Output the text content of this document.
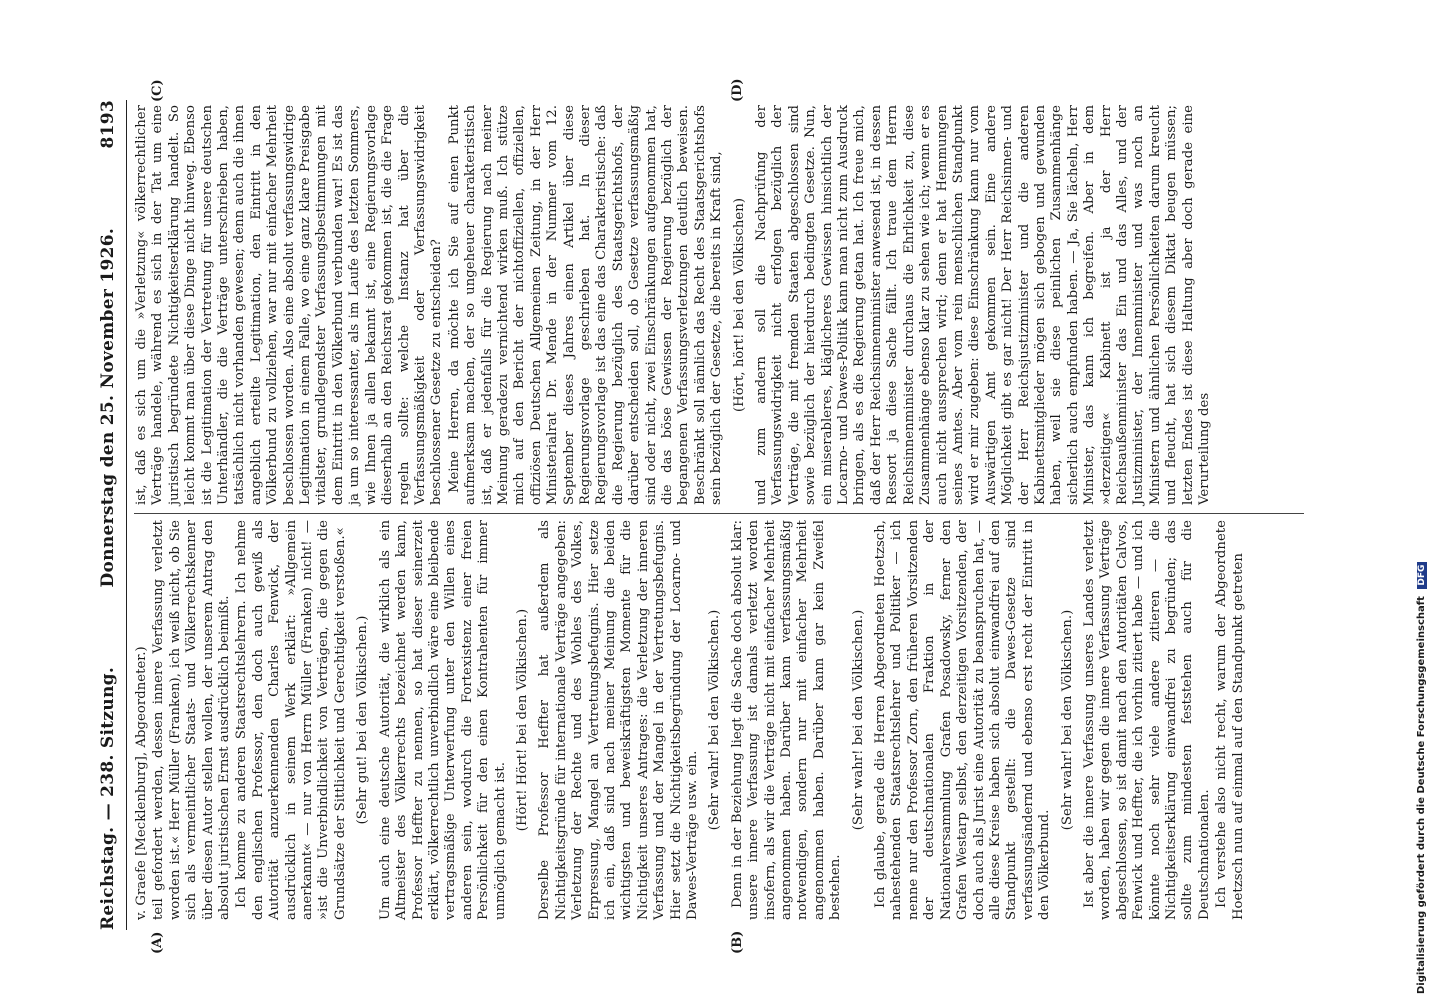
Reichstag. — 238. Sitzung.
Donnerstag den 25. November 1926.
8193
(A)	(B)
(C)	(D)

v. Graefe [Mecklenburg], Abgeordneter.) teil gefordert werden, dessen innere Verfassung verletzt worden ist.« Herr Müller (Franken), ich weiß nicht, ob Sie sich als vermeintlicher Staats- und Völkerrechtskenner über diesen Autor stellen wollen, der unserem Antrag den absolut juristischen Ernst ausdrücklich beimißt. Ich komme zu anderen Staatsrechtslehrern. Ich nehme den englischen Professor, den doch auch gewiß als Autorität anzuerkennenden Charles Fenwick, der ausdrücklich in seinem Werk erklärt: »Allgemein anerkannt« — nur von Herrn Müller (Franken) nicht! — »ist die Unverbindlichkeit von Verträgen, die gegen die Grundsätze der Sittlichkeit und Gerechtigkeit verstoßen.« (Sehr gut! bei den Völkischen.) Um auch eine deutsche Autorität, die wirklich als ein Altmeister des Völkerrechts bezeichnet werden kann, Professor Heffter zu nennen, so hat dieser seinerzeit erklärt, völkerrechtlich unverbindlich wäre eine bleibende vertragsmäßige Unterwerfung unter den Willen eines anderen sein, wodurch die Fortexistenz einer freien Persönlichkeit für den einen Kontrahenten für immer unmöglich gemacht ist.

(Hört! Hört! bei den Völkischen.) Derselbe Professor Heffter hat außerdem als Nichtigkeitsgründe für internationale Verträge angegeben: Verletzung der Rechte und des Wohles des Volkes, Erpressung, Mangel an Vertretungsbefugnis. Hier setze ich ein, daß sind nach meiner Meinung die beiden wichtigsten und beweiskräftigsten Momente für die Nichtigkeit unseres Antrages: die Verletzung der inneren Verfassung und der Mangel in der Vertretungsbefugnis. Hier setzt die Nichtigkeitsbegründung der Locarno- und Dawes-Verträge usw. ein.

(Sehr wahr! bei den Völkischen.) Denn in der Beziehung liegt die Sache doch absolut klar: unsere innere Verfassung ist damals verletzt worden insofern, als wir die Verträge nicht mit einfacher Mehrheit angenommen haben. Darüber kann verfassungsmäßig notwendigen, sondern nur mit einfacher Mehrheit angenommen haben. Darüber kann gar kein Zweifel bestehen.

(Sehr wahr! bei den Völkischen.) Ich glaube, gerade die Herren Abgeordneten Hoetzsch, nahestehenden Staatsrechtslehrer und Politiker — ich nenne nur den Professor Zorn, den früheren Vorsitzenden der deutschnationalen Fraktion in der Nationalversammlung Grafen Posadowsky, ferner den Grafen Westarp selbst, den derzeitigen Vorsitzenden, der doch auch als Jurist eine Autorität zu beanspruchen hat, — alle diese Kreise haben sich absolut einwandfrei auf den Standpunkt gestellt: die Dawes-Gesetze sind verfassungsändernd und ebenso erst recht der Eintritt in den Völkerbund.

(Sehr wahr! bei den Völkischen.) Ist aber die innere Verfassung unseres Landes verletzt worden, haben wir gegen die innere Verfassung Verträge abgeschlossen, so ist damit nach den Autoritäten Calvos, Fenwick und Heffter, die ich vorhin zitiert habe — und ich könnte noch sehr viele andere zitieren — die Nichtigkeitserklärung einwandfrei zu begründen; das sollte zum mindesten feststehen auch für die Deutschnationalen. Ich verstehe also nicht recht, warum der Abgeordnete Hoetzsch nun auf einmal auf den Standpunkt getreten

ist, daß es sich um die »Verletzung« völkerrechtlicher Verträge handele, während es sich in der Tat um eine juristisch begründete Nichtigkeitserklärung handelt. So leicht kommt man über diese Dinge nicht hinweg. Ebenso ist die Legitimation der Vertretung für unsere deutschen Unterhändler, die die Verträge unterschrieben haben, tatsächlich nicht vorhanden gewesen; denn auch die ihnen angeblich erteilte Legitimation, den Eintritt in den Völkerbund zu vollziehen, war nur mit einfacher Mehrheit beschlossen worden. Also eine absolut verfassungswidrige Legitimation in einem Falle, wo eine ganz klare Preisgabe vitalster, grundlegendster Verfassungsbestimmungen mit dem Eintritt in den Völkerbund verbunden war! Es ist das ja um so interessanter, als im Laufe des letzten Sommers, wie Ihnen ja allen bekannt ist, eine Regierungsvorlage dieserhalb an den Reichsrat gekommen ist, die die Frage regeln sollte: welche Instanz hat über die Verfassungsmäßigkeit oder Verfassungswidrigkeit beschlossener Gesetze zu entscheiden? Meine Herren, da möchte ich Sie auf einen Punkt aufmerksam machen, der so ungeheuer charakteristisch ist, daß er jedenfalls für die Regierung nach meiner Meinung geradezu vernichtend wirken muß. Ich stütze mich auf den Bericht der nichtoffiziellen, offiziellen, offiziösen Deutschen Allgemeinen Zeitung, in der Herr Ministerialrat Dr. Mende in der Nummer vom 12. September dieses Jahres einen Artikel über diese Regierungsvorlage geschrieben hat. In dieser Regierungsvorlage ist das eine das Charakteristische: daß die Regierung bezüglich des Staatsgerichtshofs, der darüber entscheiden soll, ob Gesetze verfassungsmäßig sind oder nicht, zwei Einschränkungen aufgenommen hat, die das böse Gewissen der Regierung bezüglich der begangenen Verfassungsverletzungen deutlich beweisen. Beschränkt soll nämlich das Recht des Staatsgerichtshofs sein bezüglich der Gesetze, die bereits in Kraft sind, (Hört, hört! bei den Völkischen) und zum andern soll die Nachprüfung der Verfassungswidrigkeit nicht erfolgen bezüglich der Verträge, die mit fremden Staaten abgeschlossen sind sowie bezüglich der hierdurch bedingten Gesetze. Nun, ein miserableres, kläglicheres Gewissen hinsichtlich der Locarno- und Dawes-Politik kann man nicht zum Ausdruck bringen, als es die Regierung getan hat. Ich freue mich, daß der Herr Reichsinnenminister anwesend ist, in dessen Ressort ja diese Sache fällt. Ich traue dem Herrn Reichsinnenminister durchaus die Ehrlichkeit zu, diese Zusammenhänge ebenso klar zu sehen wie ich; wenn er es auch nicht aussprechen wird; denn er hat Hemmungen seines Amtes. Aber vom rein menschlichen Standpunkt wird er mir zugeben: diese Einschränkung kann nur vom Auswärtigen Amt gekommen sein. Eine andere Möglichkeit gibt es gar nicht! Der Herr Reichsinnen- und der Herr Reichsjustizminister und die anderen Kabinettsmitglieder mögen sich gebogen und gewunden haben, weil sie diese peinlichen Zusammenhänge sicherlich auch empfunden haben. — Ja, Sie lächeln, Herr Minister, das kann ich begreifen. Aber in dem »derzeitigen« Kabinett ist ja der Herr Reichsaußenminister das Ein und das Alles, und der Justizminister, der Innenminister und was noch an Ministern und ähnlichen Persönlichkeiten darum kreucht und fleucht, hat sich diesem Diktat beugen müssen; letzten Endes ist diese Haltung aber doch gerade eine Verurteilung des

Digitalisierung gefördert durch die Deutsche Forschungsgemeinschaft DFG
